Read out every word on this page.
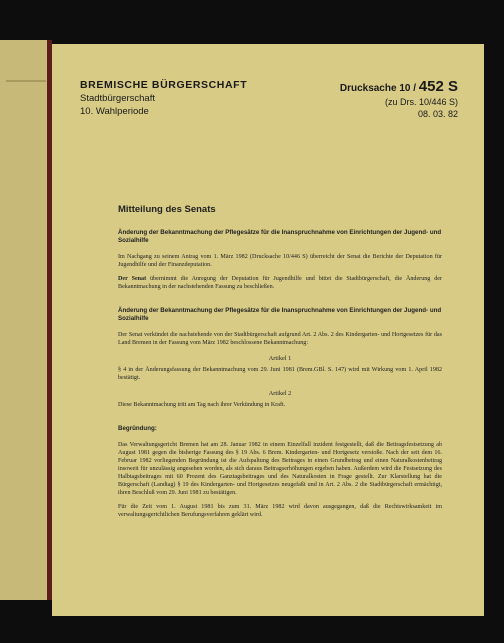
BREMISCHE BÜRGERSCHAFT
Stadtbürgerschaft
10. Wahlperiode
Drucksache 10 / 452 S
(zu Drs. 10/446 S)
08. 03. 82
Mitteilung des Senats
Änderung der Bekanntmachung der Pflegesätze für die Inanspruchnahme von Einrichtungen der Jugend- und Sozialhilfe

Im Nachgang zu seinem Antrag vom 1. März 1982 (Drucksache 10/446 S) überreicht der Senat die Berichte der Deputation für Jugendhilfe und der Finanzdeputation.

Der Senat übernimmt die Anregung der Deputation für Jugendhilfe und bittet die Stadtbürgerschaft, die Änderung der Bekanntmachung in der nachstehenden Fassung zu beschließen.

Änderung der Bekanntmachung der Pflegesätze für die Inanspruchnahme von Einrichtungen der Jugend- und Sozialhilfe

Der Senat verkündet die nachstehende von der Stadtbürgerschaft aufgrund Art. 2 Abs. 2 des Kindergarten- und Hortgesetzes für das Land Bremen in der Fassung vom März 1982 beschlossene Bekanntmachung:

Artikel 1

§ 4 in der Änderungsfassung der Bekanntmachung vom 29. Juni 1981 (Brem.GBl. S. 147) wird mit Wirkung vom 1. April 1982 bestätigt.

Artikel 2

Diese Bekanntmachung tritt am Tag nach ihrer Verkündung in Kraft.

Begründung:

Das Verwaltungsgericht Bremen hat am 28. Januar 1982 in einem Einzelfall inzident festgestellt, daß die Beitragsfestsetzung ab August 1981 gegen die bisherige Fassung des § 19 Abs. 6 Brem. Kindergarten- und Hortgesetz verstoße. Nach der seit dem 16. Februar 1982 vorliegenden Begründung ist die Aufspaltung des Beitrages in einen Grundbetrag und einen Naturalkostenbeitrag insoweit für unzulässig angesehen worden, als sich daraus Beitragserhöhungen ergeben haben. Außerdem wird die Festsetzung des Halbtagsbeitrages mit 60 Prozent des Ganztagsbeitrages und des Naturalkosten in Frage gestellt. Zur Klarstellung hat die Bürgerschaft (Landtag) § 19 des Kindergarten- und Hortgesetzes neugefaßt und in Art. 2 Abs. 2 die Stadtbürgerschaft ermächtigt, ihren Beschluß vom 29. Juni 1981 zu bestätigen.

Für die Zeit vom 1. August 1981 bis zum 31. März 1982 wird davon ausgegangen, daß die Rechtswirksamkeit im verwaltungsgerichtlichen Berufungsverfahren geklärt wird.
